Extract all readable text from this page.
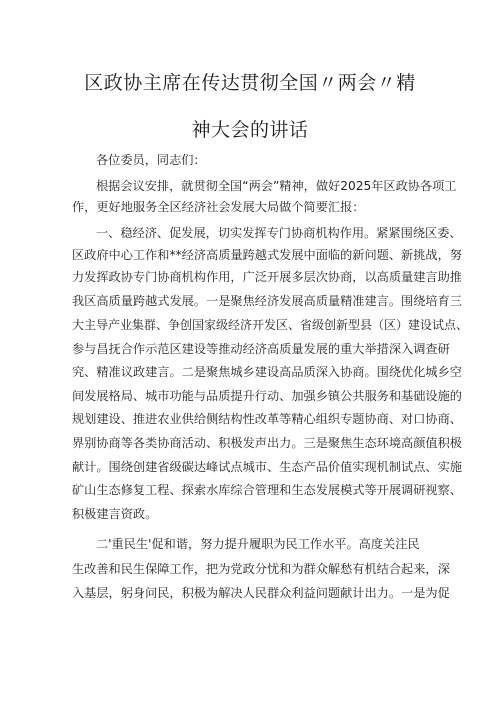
区政协主席在传达贯彻全国〃两会〃精
神大会的讲话
各位委员，同志们：
根据会议安排，就贯彻全国“两会”精神，做好2025年区政协各项工
作，更好地服务全区经济社会发展大局做个简要汇报：
一、稳经济、促发展，切实发挥专门协商机构作用。紧紧围绕区委、
区政府中心工作和**经济高质量跨越式发展中面临的新问题、新挑战，努
力发挥政协专门协商机构作用，广泛开展多层次协商，以高质量建言助推
我区高质量跨越式发展。一是聚焦经济发展高质量精准建言。围绕培育三
大主导产业集群、争创国家级经济开发区、省级创新型县（区）建设试点、
参与昌抚合作示范区建设等推动经济高质量发展的重大举措深入调查研
究、精准议政建言。二是聚焦城乡建设高品质深入协商。围绕优化城乡空
间发展格局、城市功能与品质提升行动、加强乡镇公共服务和基础设施的
规划建设、推进农业供给侧结构性改革等精心组织专题协商、对口协商、
界别协商等各类协商活动、积极发声出力。三是聚焦生态环境高颜值积极
献计。围绕创建省级碳达峰试点城市、生态产品价值实现机制试点、实施
矿山生态修复工程、探索水库综合管理和生态发展模式等开展调研视察、
积极建言资政。
二'重民生'促和谐，努力提升履职为民工作水平。高度关注民
生改善和民生保障工作，把为党政分忧和为群众解愁有机结合起来，深
入基层，躬身问民，积极为解决人民群众利益问题献计出力。一是为促
